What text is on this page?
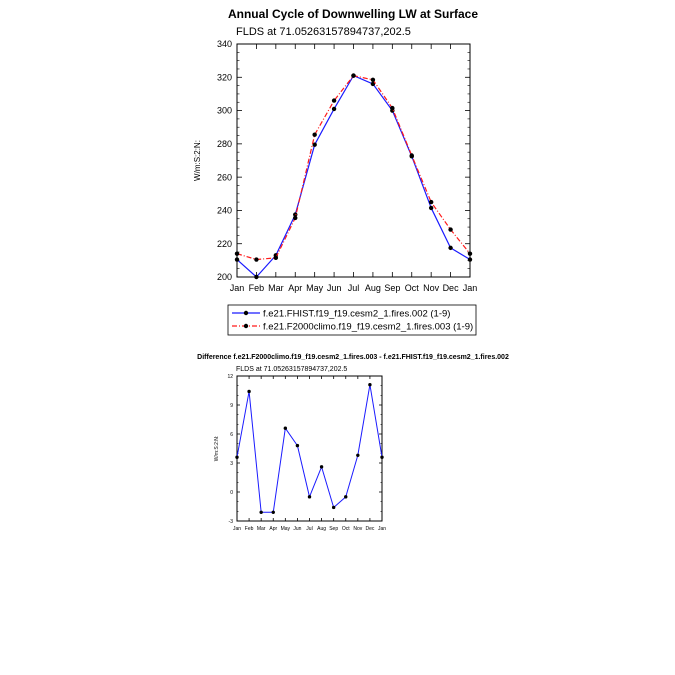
Annual Cycle of Downwelling LW at Surface
FLDS at 71.05263157894737,202.5
200
220
240
260
280
300
320
340
Jan Feb Mar Apr May Jun Jul Aug Sep Oct Nov Dec Jan
W/m:S:2:N:
f.e21.FHIST.f19_f19.cesm2_1.fires.002 (1-9)
f.e21.F2000climo.f19_f19.cesm2_1.fires.003 (1-9)
Difference f.e21.F2000climo.f19_f19.cesm2_1.fires.003 - f.e21.FHIST.f19_f19.cesm2_1.fires.002
FLDS at 71.05263157894737,202.5
-3
0
3
6
9
12
Jan Feb Mar Apr May Jun Jul Aug Sep Oct Nov Dec Jan
W/m:S:2:N:
